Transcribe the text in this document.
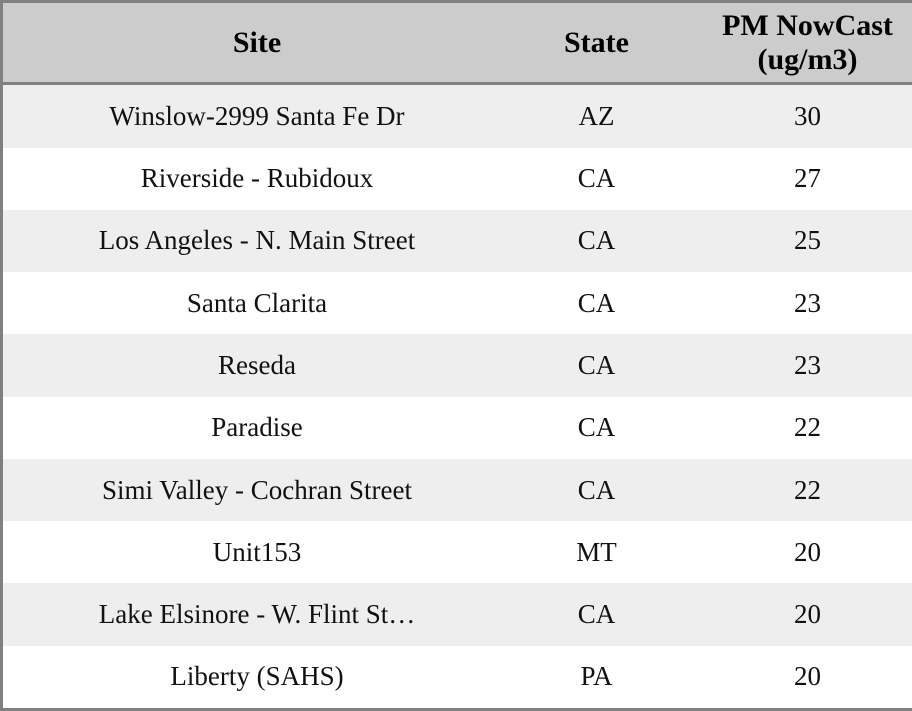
Site	State	PM NowCast (ug/m3)
Winslow-2999 Santa Fe Dr	AZ	30
Riverside - Rubidoux	CA	27
Los Angeles - N. Main Street	CA	25
Santa Clarita	CA	23
Reseda	CA	23
Paradise	CA	22
Simi Valley - Cochran Street	CA	22
Unit153	MT	20
Lake Elsinore - W. Flint St…	CA	20
Liberty (SAHS)	PA	20
